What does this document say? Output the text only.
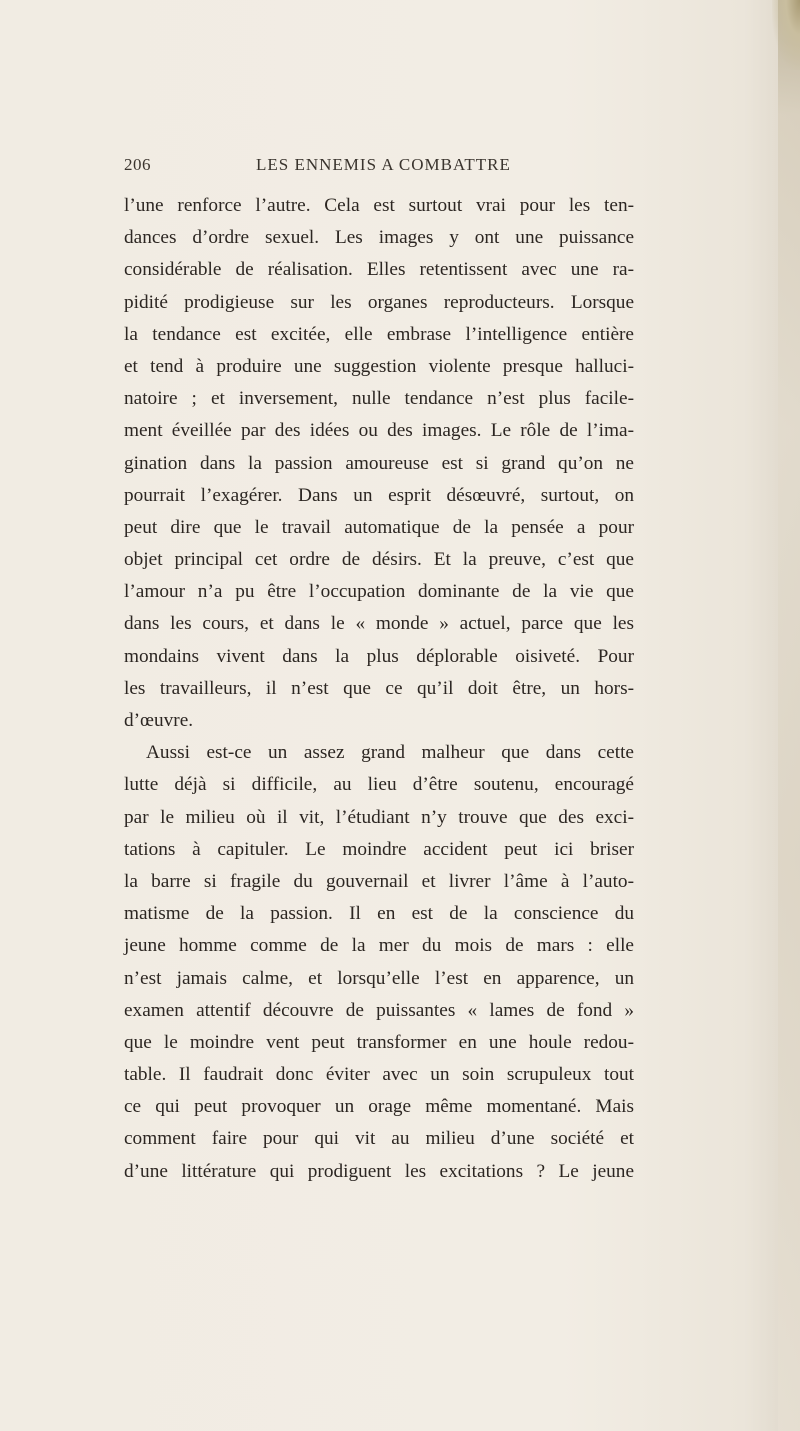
206	LES ENNEMIS A COMBATTRE
l’une renforce l’autre. Cela est surtout vrai pour les ten-
dances d’ordre sexuel. Les images y ont une puissance
considérable de réalisation. Elles retentissent avec une ra-
pidité prodigieuse sur les organes reproducteurs. Lorsque
la tendance est excitée, elle embrase l’intelligence entière
et tend à produire une suggestion violente presque halluci-
natoire ; et inversement, nulle tendance n’est plus facile-
ment éveillée par des idées ou des images. Le rôle de l’ima-
gination dans la passion amoureuse est si grand qu’on ne
pourrait l’exagérer. Dans un esprit désœuvré, surtout, on
peut dire que le travail automatique de la pensée a pour
objet principal cet ordre de désirs. Et la preuve, c’est que
l’amour n’a pu être l’occupation dominante de la vie que
dans les cours, et dans le « monde » actuel, parce que les
mondains vivent dans la plus déplorable oisiveté. Pour
les travailleurs, il n’est que ce qu’il doit être, un hors-
d’œuvre.
Aussi est-ce un assez grand malheur que dans cette
lutte déjà si difficile, au lieu d’être soutenu, encouragé
par le milieu où il vit, l’étudiant n’y trouve que des exci-
tations à capituler. Le moindre accident peut ici briser
la barre si fragile du gouvernail et livrer l’âme à l’auto-
matisme de la passion. Il en est de la conscience du
jeune homme comme de la mer du mois de mars : elle
n’est jamais calme, et lorsqu’elle l’est en apparence, un
examen attentif découvre de puissantes « lames de fond »
que le moindre vent peut transformer en une houle redou-
table. Il faudrait donc éviter avec un soin scrupuleux tout
ce qui peut provoquer un orage même momentané. Mais
comment faire pour qui vit au milieu d’une société et
d’une littérature qui prodiguent les excitations ? Le jeune
